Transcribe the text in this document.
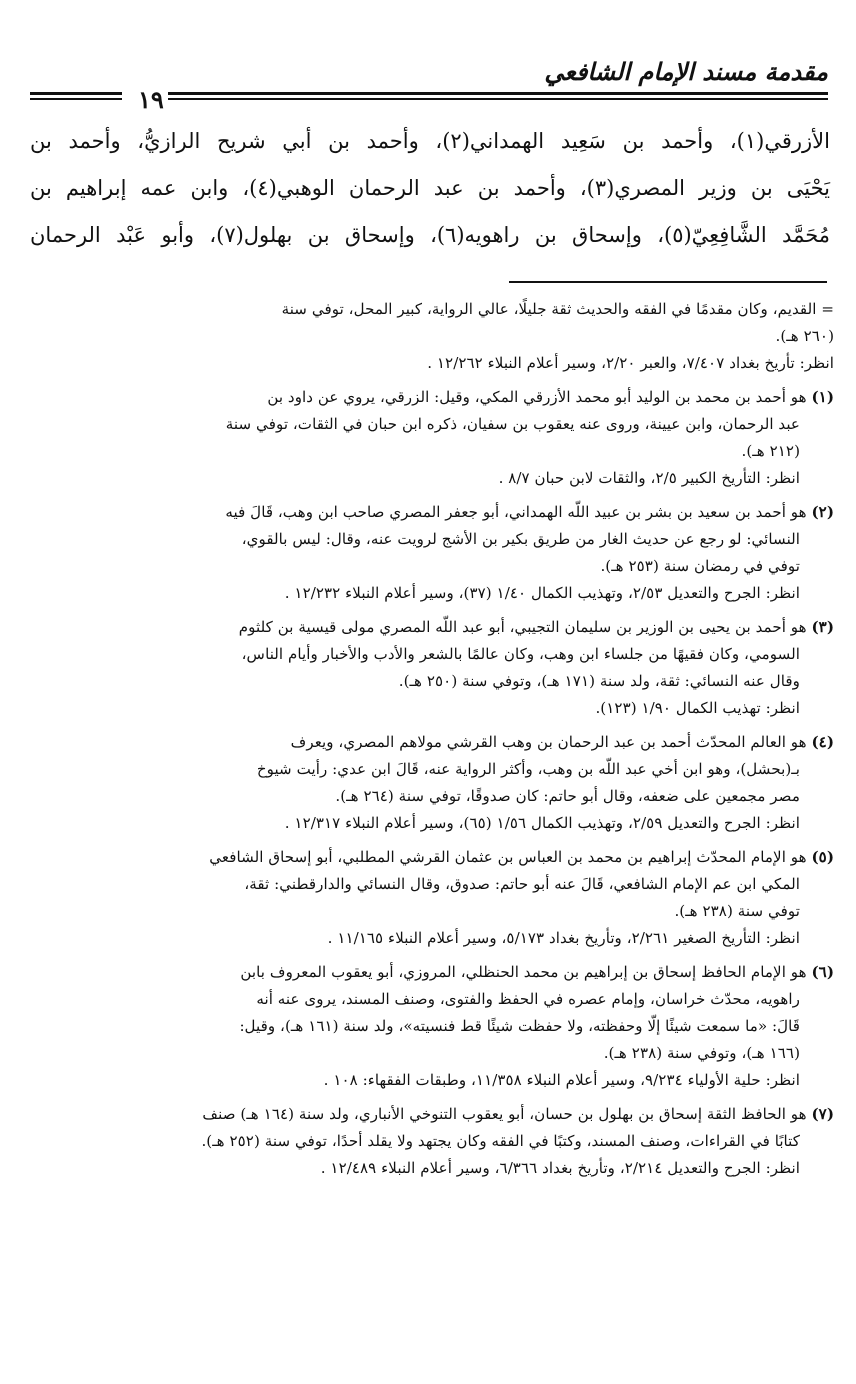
مقدمة مسند الإمام الشافعي
١٩
الأزرقي(١)، وأحمد بن سَعِيد الهمداني(٢)، وأحمد بن أبي شريح الرازيُّ، وأحمد بن
يَحْيَى بن وزير المصري(٣)، وأحمد بن عبد الرحمان الوهبي(٤)، وابن عمه إبراهيم بن
مُحَمَّد الشَّافِعِيّ(٥)، وإسحاق بن راهويه(٦)، وإسحاق بن بهلول(٧)، وأبو عَبْد الرحمان
= القديم، وكان مقدمًا في الفقه والحديث ثقة جليلًا، عالي الرواية، كبير المحل، توفي سنة
(٢٦٠ هـ).
انظر: تأريخ بغداد ٧/٤٠٧، والعبر ٢/٢٠، وسير أعلام النبلاء ١٢/٢٦٢ .
(١) هو أحمد بن محمد بن الوليد أبو محمد الأزرقي المكي، وقيل: الزرقي، يروي عن داود بن
عبد الرحمان، وابن عيينة، وروى عنه يعقوب بن سفيان، ذكره ابن حبان في الثقات، توفي سنة
(٢١٢ هـ).
انظر: التأريخ الكبير ٢/٥، والثقات لابن حبان ٨/٧ .
(٢) هو أحمد بن سعيد بن بشر بن عبيد اللّه الهمداني، أبو جعفر المصري صاحب ابن وهب، قَالَ فيه
النسائي: لو رجع عن حديث الغار من طريق بكير بن الأشج لرويت عنه، وقال: ليس بالقوي،
توفي في رمضان سنة (٢٥٣ هـ).
انظر: الجرح والتعديل ٢/٥٣، وتهذيب الكمال ١/٤٠ (٣٧)، وسير أعلام النبلاء ١٢/٢٣٢ .
(٣) هو أحمد بن يحيى بن الوزير بن سليمان التجيبي، أبو عبد اللّه المصري مولى قيسية بن كلثوم
السومي، وكان فقيهًا من جلساء ابن وهب، وكان عالمًا بالشعر والأدب والأخبار وأيام الناس،
وقال عنه النسائي: ثقة، ولد سنة (١٧١ هـ)، وتوفي سنة (٢٥٠ هـ).
انظر: تهذيب الكمال ١/٩٠ (١٢٣).
(٤) هو العالم المحدّث أحمد بن عبد الرحمان بن وهب القرشي مولاهم المصري، ويعرف
بـ(بحشل)، وهو ابن أخي عبد اللّه بن وهب، وأكثر الرواية عنه، قَالَ ابن عدي: رأيت شيوخ
مصر مجمعين على ضعفه، وقال أبو حاتم: كان صدوقًا، توفي سنة (٢٦٤ هـ).
انظر: الجرح والتعديل ٢/٥٩، وتهذيب الكمال ١/٥٦ (٦٥)، وسير أعلام النبلاء ١٢/٣١٧ .
(٥) هو الإمام المحدّث إبراهيم بن محمد بن العباس بن عثمان القرشي المطلبي، أبو إسحاق الشافعي
المكي ابن عم الإمام الشافعي، قَالَ عنه أبو حاتم: صدوق، وقال النسائي والدارقطني: ثقة،
توفي سنة (٢٣٨ هـ).
انظر: التأريخ الصغير ٢/٢٦١، وتأريخ بغداد ٥/١٧٣، وسير أعلام النبلاء ١١/١٦٥ .
(٦) هو الإمام الحافظ إسحاق بن إبراهيم بن محمد الحنظلي، المروزي، أبو يعقوب المعروف بابن
راهويه، محدّث خراسان، وإمام عصره في الحفظ والفتوى، وصنف المسند، يروى عنه أنه
قَالَ: «ما سمعت شيئًا إلّا وحفظته، ولا حفظت شيئًا قط فنسيته»، ولد سنة (١٦١ هـ)، وقيل:
(١٦٦ هـ)، وتوفي سنة (٢٣٨ هـ).
انظر: حلية الأولياء ٩/٢٣٤، وسير أعلام النبلاء ١١/٣٥٨، وطبقات الفقهاء: ١٠٨ .
(٧) هو الحافظ الثقة إسحاق بن بهلول بن حسان، أبو يعقوب التنوخي الأنباري، ولد سنة (١٦٤ هـ) صنف
كتابًا في القراءات، وصنف المسند، وكتبًا في الفقه وكان يجتهد ولا يقلد أحدًا، توفي سنة (٢٥٢ هـ).
انظر: الجرح والتعديل ٢/٢١٤، وتأريخ بغداد ٦/٣٦٦، وسير أعلام النبلاء ١٢/٤٨٩ .
